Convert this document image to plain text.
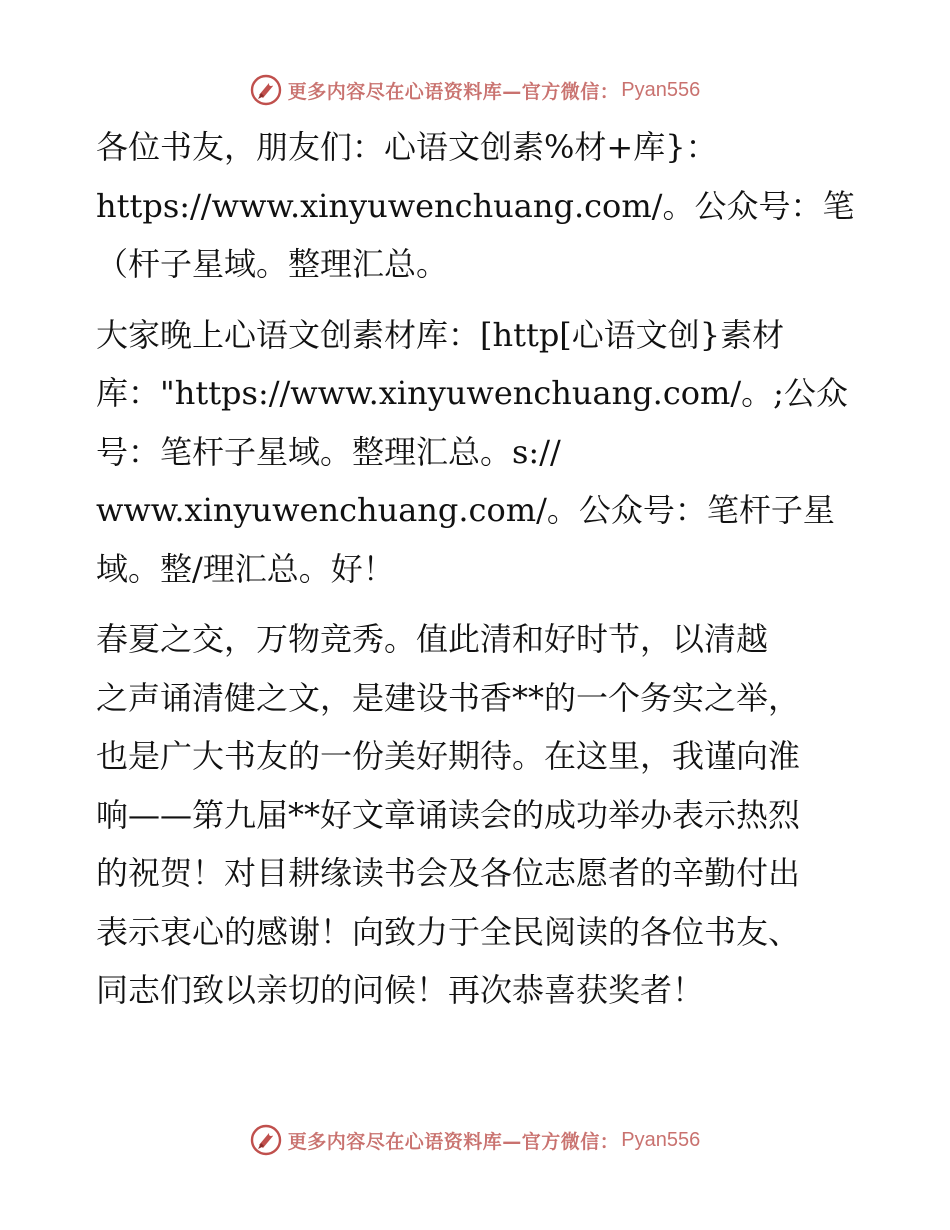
更多内容尽在心语资料库—官方微信： Pyan556
各位书友，朋友们：心语文创素%材+库}：
https://www.xinyuwenchuang.com/。公众号：笔
（杆子星域。整理汇总。
大家晚上心语文创素材库：[http[心语文创}素材
库："https://www.xinyuwenchuang.com/。;公众
号：笔杆子星域。整理汇总。s://
www.xinyuwenchuang.com/。公众号：笔杆子星
域。整/理汇总。好！
春夏之交，万物竞秀。值此清和好时节，以清越
之声诵清健之文，是建设书香**的一个务实之举，
也是广大书友的一份美好期待。在这里，我谨向淮
响——第九届**好文章诵读会的成功举办表示热烈
的祝贺！对目耕缘读书会及各位志愿者的辛勤付出
表示衷心的感谢！向致力于全民阅读的各位书友、
同志们致以亲切的问候！再次恭喜获奖者！
更多内容尽在心语资料库—官方微信： Pyan556
